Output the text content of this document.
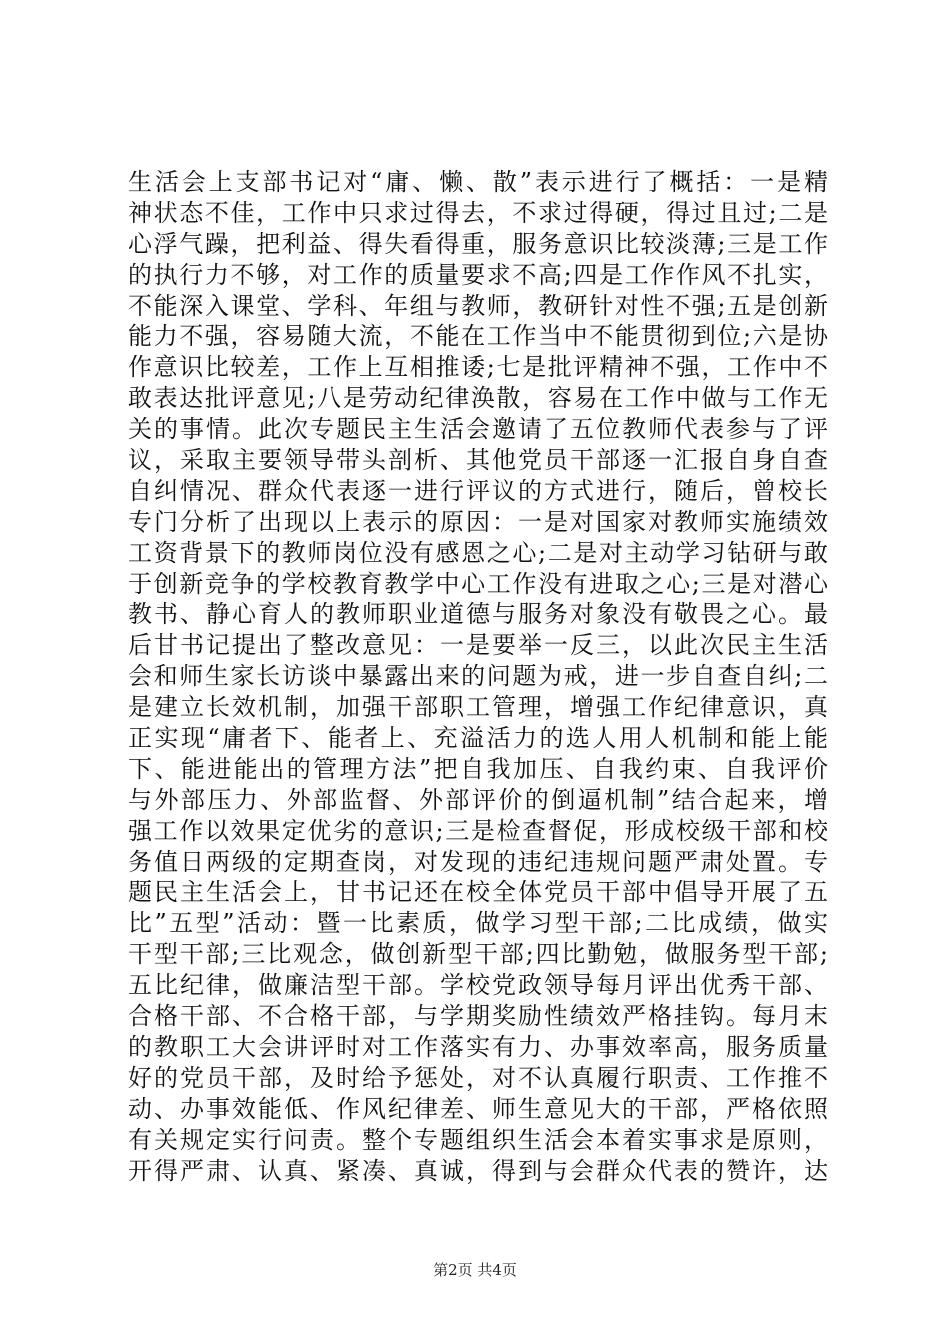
生活会上支部书记对“庸、懒、散”表示进行了概括：一是精
神状态不佳，工作中只求过得去，不求过得硬，得过且过;二是
心浮气躁，把利益、得失看得重，服务意识比较淡薄;三是工作
的执行力不够，对工作的质量要求不高;四是工作作风不扎实，
不能深入课堂、学科、年组与教师，教研针对性不强;五是创新
能力不强，容易随大流，不能在工作当中不能贯彻到位;六是协
作意识比较差，工作上互相推诿;七是批评精神不强，工作中不
敢表达批评意见;八是劳动纪律涣散，容易在工作中做与工作无
关的事情。此次专题民主生活会邀请了五位教师代表参与了评
议，采取主要领导带头剖析、其他党员干部逐一汇报自身自查
自纠情况、群众代表逐一进行评议的方式进行，随后，曾校长
专门分析了出现以上表示的原因：一是对国家对教师实施绩效
工资背景下的教师岗位没有感恩之心;二是对主动学习钻研与敢
于创新竞争的学校教育教学中心工作没有进取之心;三是对潜心
教书、静心育人的教师职业道德与服务对象没有敬畏之心。最
后甘书记提出了整改意见：一是要举一反三，以此次民主生活
会和师生家长访谈中暴露出来的问题为戒，进一步自查自纠;二
是建立长效机制，加强干部职工管理，增强工作纪律意识，真
正实现“庸者下、能者上、充溢活力的选人用人机制和能上能
下、能进能出的管理方法”把自我加压、自我约束、自我评价
与外部压力、外部监督、外部评价的倒逼机制”结合起来，增
强工作以效果定优劣的意识;三是检查督促，形成校级干部和校
务值日两级的定期查岗，对发现的违纪违规问题严肃处置。专
题民主生活会上，甘书记还在校全体党员干部中倡导开展了五
比”五型”活动：暨一比素质，做学习型干部;二比成绩，做实
干型干部;三比观念，做创新型干部;四比勤勉，做服务型干部;
五比纪律，做廉洁型干部。学校党政领导每月评出优秀干部、
合格干部、不合格干部，与学期奖励性绩效严格挂钩。每月末
的教职工大会讲评时对工作落实有力、办事效率高，服务质量
好的党员干部，及时给予惩处，对不认真履行职责、工作推不
动、办事效能低、作风纪律差、师生意见大的干部，严格依照
有关规定实行问责。整个专题组织生活会本着实事求是原则，
开得严肃、认真、紧凑、真诚，得到与会群众代表的赞许，达
第2页 共4页
